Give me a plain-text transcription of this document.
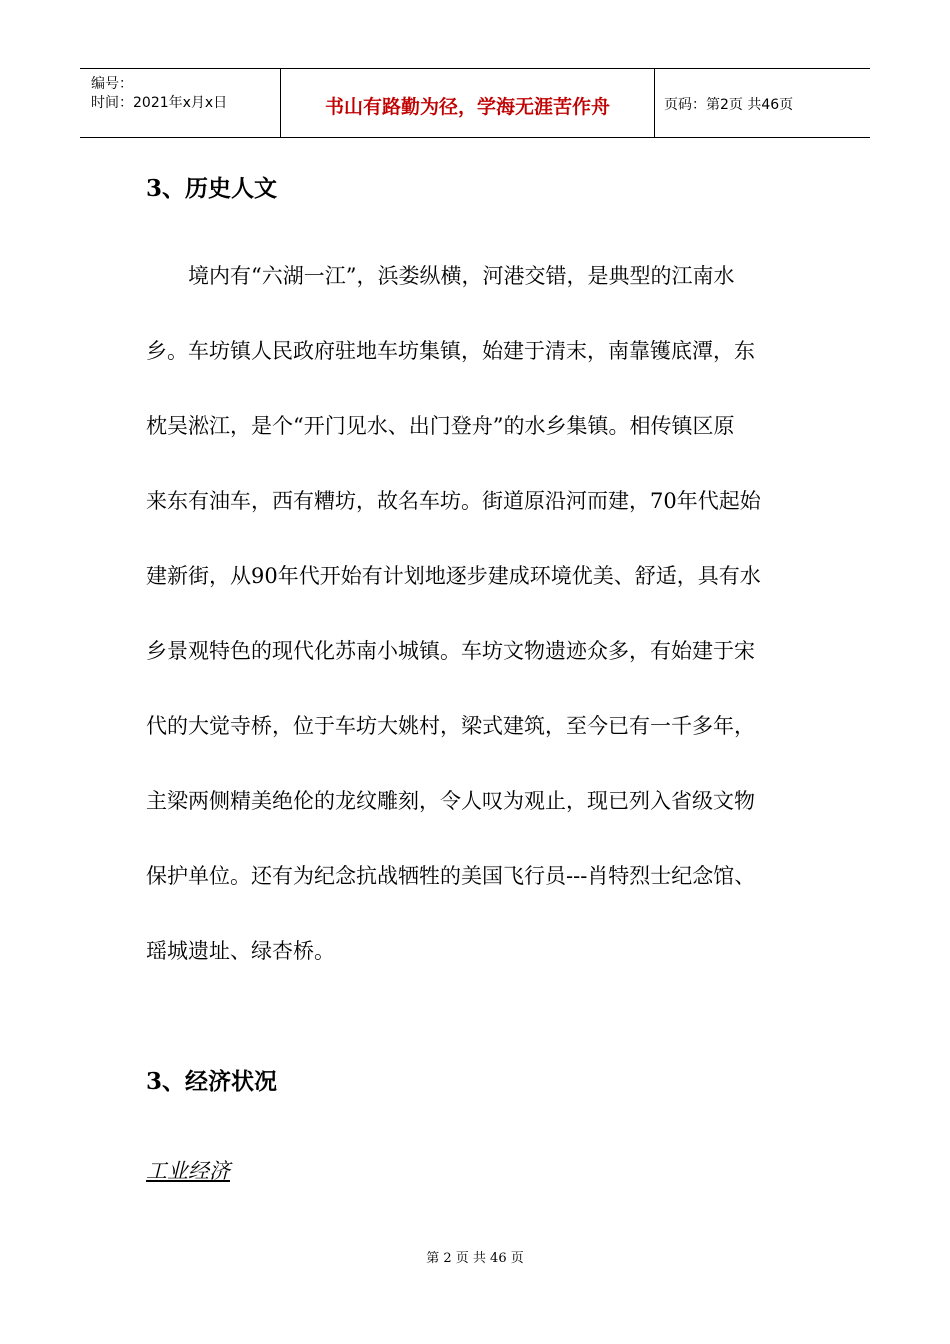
编号：
时间：2021年x月x日	书山有路勤为径，学海无涯苦作舟	页码：第2页 共46页
3、历史人文
　　境内有“六湖一江”，浜娄纵横，河港交错，是典型的江南水
乡。车坊镇人民政府驻地车坊集镇，始建于清末，南靠镬底潭，东
枕吴淞江，是个“开门见水、出门登舟”的水乡集镇。相传镇区原
来东有油车，西有糟坊，故名车坊。街道原沿河而建，70年代起始
建新街，从90年代开始有计划地逐步建成环境优美、舒适，具有水
乡景观特色的现代化苏南小城镇。车坊文物遗迹众多，有始建于宋
代的大觉寺桥，位于车坊大姚村，梁式建筑，至今已有一千多年，
主梁两侧精美绝伦的龙纹雕刻，令人叹为观止，现已列入省级文物
保护单位。还有为纪念抗战牺牲的美国飞行员---肖特烈士纪念馆、
瑶城遗址、绿杏桥。
3、经济状况

工业经济

第 2 页 共 46 页
